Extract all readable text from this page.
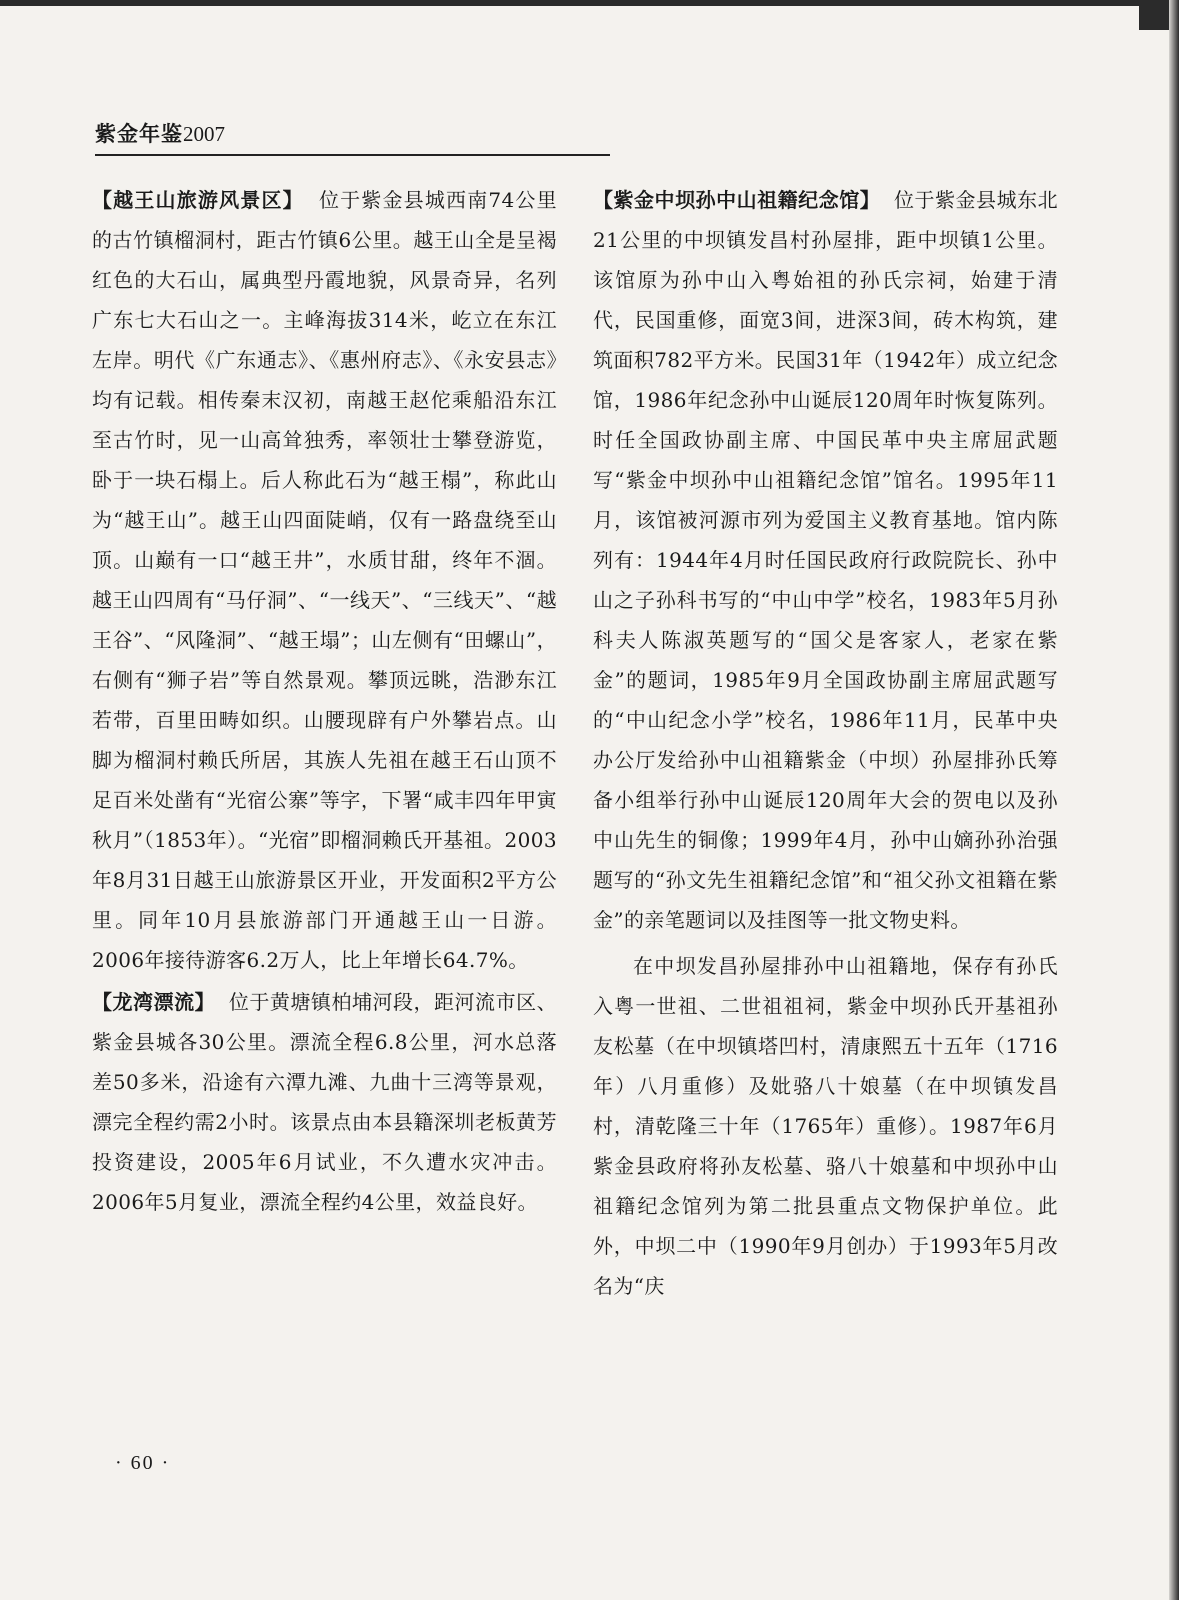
紫金年鉴2007

【越王山旅游风景区】 位于紫金县城西南74公里的古竹镇榴洞村，距古竹镇6公里。越王山全是呈褐红色的大石山，属典型丹霞地貌，风景奇异，名列广东七大石山之一。主峰海拔314米，屹立在东江左岸。明代《广东通志》、《惠州府志》、《永安县志》均有记载。相传秦末汉初，南越王赵佗乘船沿东江至古竹时，见一山高耸独秀，率领壮士攀登游览，卧于一块石榻上。后人称此石为“越王榻”，称此山为“越王山”。越王山四面陡峭，仅有一路盘绕至山顶。山巅有一口“越王井”，水质甘甜，终年不涸。越王山四周有“马仔洞”、“一线天”、“三线天”、“越王谷”、“风隆洞”、“越王塌”；山左侧有“田螺山”，右侧有“狮子岩”等自然景观。攀顶远眺，浩渺东江若带，百里田畴如织。山腰现辟有户外攀岩点。山脚为榴洞村赖氏所居，其族人先祖在越王石山顶不足百米处凿有“光宿公寨”等字，下署“咸丰四年甲寅秋月”（1853年）。“光宿”即榴洞赖氏开基祖。2003年8月31日越王山旅游景区开业，开发面积2平方公里。同年10月县旅游部门开通越王山一日游。2006年接待游客6.2万人，比上年增长64.7%。

【龙湾漂流】 位于黄塘镇柏埔河段，距河流市区、紫金县城各30公里。漂流全程6.8公里，河水总落差50多米，沿途有六潭九滩、九曲十三湾等景观，漂完全程约需2小时。该景点由本县籍深圳老板黄芳投资建设，2005年6月试业，不久遭水灾冲击。2006年5月复业，漂流全程约4公里，效益良好。

【紫金中坝孙中山祖籍纪念馆】 位于紫金县城东北21公里的中坝镇发昌村孙屋排，距中坝镇1公里。该馆原为孙中山入粤始祖的孙氏宗祠，始建于清代，民国重修，面宽3间，进深3间，砖木构筑，建筑面积782平方米。民国31年（1942年）成立纪念馆，1986年纪念孙中山诞辰120周年时恢复陈列。时任全国政协副主席、中国民革中央主席屈武题写“紫金中坝孙中山祖籍纪念馆”馆名。1995年11月，该馆被河源市列为爱国主义教育基地。馆内陈列有：1944年4月时任国民政府行政院院长、孙中山之子孙科书写的“中山中学”校名，1983年5月孙科夫人陈淑英题写的“国父是客家人，老家在紫金”的题词，1985年9月全国政协副主席屈武题写的“中山纪念小学”校名，1986年11月，民革中央办公厅发给孙中山祖籍紫金（中坝）孙屋排孙氏筹备小组举行孙中山诞辰120周年大会的贺电以及孙中山先生的铜像；1999年4月，孙中山嫡孙孙治强题写的“孙文先生祖籍纪念馆”和“祖父孙文祖籍在紫金”的亲笔题词以及挂图等一批文物史料。

在中坝发昌孙屋排孙中山祖籍地，保存有孙氏入粤一世祖、二世祖祖祠，紫金中坝孙氏开基祖孙友松墓（在中坝镇塔凹村，清康熙五十五年（1716年）八月重修）及妣骆八十娘墓（在中坝镇发昌村，清乾隆三十年（1765年）重修）。1987年6月紫金县政府将孙友松墓、骆八十娘墓和中坝孙中山祖籍纪念馆列为第二批县重点文物保护单位。此外，中坝二中（1990年9月创办）于1993年5月改名为“庆

· 60 ·
